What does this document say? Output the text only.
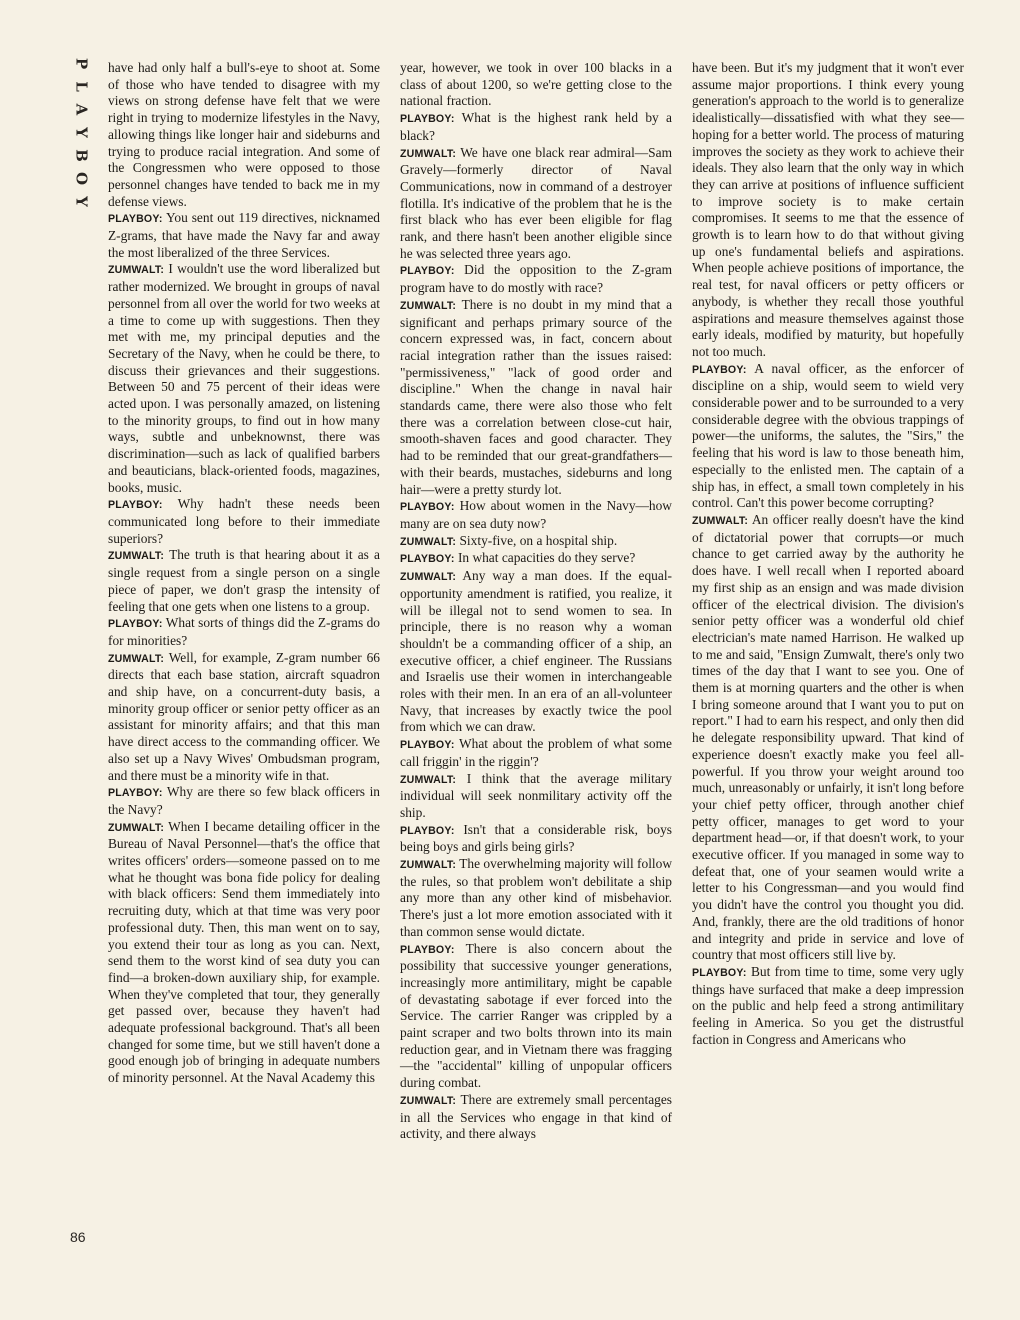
P
L
A
Y
B
O
Y
86

have had only half a bull's-eye to shoot at. Some of those who have tended to disagree with my views on strong defense have felt that we were right in trying to modernize lifestyles in the Navy, allowing things like longer hair and sideburns and trying to produce racial integration. And some of the Congressmen who were opposed to those personnel changes have tended to back me in my defense views.

PLAYBOY: You sent out 119 directives, nicknamed Z-grams, that have made the Navy far and away the most liberalized of the three Services.

ZUMWALT: I wouldn't use the word liberalized but rather modernized. We brought in groups of naval personnel from all over the world for two weeks at a time to come up with suggestions. Then they met with me, my principal deputies and the Secretary of the Navy, when he could be there, to discuss their grievances and their suggestions. Between 50 and 75 percent of their ideas were acted upon. I was personally amazed, on listening to the minority groups, to find out in how many ways, subtle and unbeknownst, there was discrimination—such as lack of qualified barbers and beauticians, black-oriented foods, magazines, books, music.

PLAYBOY: Why hadn't these needs been communicated long before to their immediate superiors?

ZUMWALT: The truth is that hearing about it as a single request from a single person on a single piece of paper, we don't grasp the intensity of feeling that one gets when one listens to a group.

PLAYBOY: What sorts of things did the Z-grams do for minorities?

ZUMWALT: Well, for example, Z-gram number 66 directs that each base station, aircraft squadron and ship have, on a concurrent-duty basis, a minority group officer or senior petty officer as an assistant for minority affairs; and that this man have direct access to the commanding officer. We also set up a Navy Wives' Ombudsman program, and there must be a minority wife in that.

PLAYBOY: Why are there so few black officers in the Navy?

ZUMWALT: When I became detailing officer in the Bureau of Naval Personnel—that's the office that writes officers' orders—someone passed on to me what he thought was bona fide policy for dealing with black officers: Send them immediately into recruiting duty, which at that time was very poor professional duty. Then, this man went on to say, you extend their tour as long as you can. Next, send them to the worst kind of sea duty you can find—a broken-down auxiliary ship, for example. When they've completed that tour, they generally get passed over, because they haven't had adequate professional background. That's all been changed for some time, but we still haven't done a good enough job of bringing in adequate numbers of minority personnel. At the Naval Academy this

year, however, we took in over 100 blacks in a class of about 1200, so we're getting close to the national fraction.

PLAYBOY: What is the highest rank held by a black?

ZUMWALT: We have one black rear admiral—Sam Gravely—formerly director of Naval Communications, now in command of a destroyer flotilla. It's indicative of the problem that he is the first black who has ever been eligible for flag rank, and there hasn't been another eligible since he was selected three years ago.

PLAYBOY: Did the opposition to the Z-gram program have to do mostly with race?

ZUMWALT: There is no doubt in my mind that a significant and perhaps primary source of the concern expressed was, in fact, concern about racial integration rather than the issues raised: "permissiveness," "lack of good order and discipline." When the change in naval hair standards came, there were also those who felt there was a correlation between close-cut hair, smooth-shaven faces and good character. They had to be reminded that our great-grandfathers—with their beards, mustaches, sideburns and long hair—were a pretty sturdy lot.

PLAYBOY: How about women in the Navy—how many are on sea duty now?

ZUMWALT: Sixty-five, on a hospital ship.

PLAYBOY: In what capacities do they serve?

ZUMWALT: Any way a man does. If the equal-opportunity amendment is ratified, you realize, it will be illegal not to send women to sea. In principle, there is no reason why a woman shouldn't be a commanding officer of a ship, an executive officer, a chief engineer. The Russians and Israelis use their women in interchangeable roles with their men. In an era of an all-volunteer Navy, that increases by exactly twice the pool from which we can draw.

PLAYBOY: What about the problem of what some call friggin' in the riggin'?

ZUMWALT: I think that the average military individual will seek nonmilitary activity off the ship.

PLAYBOY: Isn't that a considerable risk, boys being boys and girls being girls?

ZUMWALT: The overwhelming majority will follow the rules, so that problem won't debilitate a ship any more than any other kind of misbehavior. There's just a lot more emotion associated with it than common sense would dictate.

PLAYBOY: There is also concern about the possibility that successive younger generations, increasingly more antimilitary, might be capable of devastating sabotage if ever forced into the Service. The carrier Ranger was crippled by a paint scraper and two bolts thrown into its main reduction gear, and in Vietnam there was fragging—the "accidental" killing of unpopular officers during combat.

ZUMWALT: There are extremely small percentages in all the Services who engage in that kind of activity, and there always

have been. But it's my judgment that it won't ever assume major proportions. I think every young generation's approach to the world is to generalize idealistically—dissatisfied with what they see—hoping for a better world. The process of maturing improves the society as they work to achieve their ideals. They also learn that the only way in which they can arrive at positions of influence sufficient to improve society is to make certain compromises. It seems to me that the essence of growth is to learn how to do that without giving up one's fundamental beliefs and aspirations. When people achieve positions of importance, the real test, for naval officers or petty officers or anybody, is whether they recall those youthful aspirations and measure themselves against those early ideals, modified by maturity, but hopefully not too much.

PLAYBOY: A naval officer, as the enforcer of discipline on a ship, would seem to wield very considerable power and to be surrounded to a very considerable degree with the obvious trappings of power—the uniforms, the salutes, the "Sirs," the feeling that his word is law to those beneath him, especially to the enlisted men. The captain of a ship has, in effect, a small town completely in his control. Can't this power become corrupting?

ZUMWALT: An officer really doesn't have the kind of dictatorial power that corrupts—or much chance to get carried away by the authority he does have. I well recall when I reported aboard my first ship as an ensign and was made division officer of the electrical division. The division's senior petty officer was a wonderful old chief electrician's mate named Harrison. He walked up to me and said, "Ensign Zumwalt, there's only two times of the day that I want to see you. One of them is at morning quarters and the other is when I bring someone around that I want you to put on report." I had to earn his respect, and only then did he delegate responsibility upward. That kind of experience doesn't exactly make you feel all-powerful. If you throw your weight around too much, unreasonably or unfairly, it isn't long before your chief petty officer, through another chief petty officer, manages to get word to your department head—or, if that doesn't work, to your executive officer. If you managed in some way to defeat that, one of your seamen would write a letter to his Congressman—and you would find you didn't have the control you thought you did. And, frankly, there are the old traditions of honor and integrity and pride in service and love of country that most officers still live by.

PLAYBOY: But from time to time, some very ugly things have surfaced that make a deep impression on the public and help feed a strong antimilitary feeling in America. So you get the distrustful faction in Congress and Americans who
